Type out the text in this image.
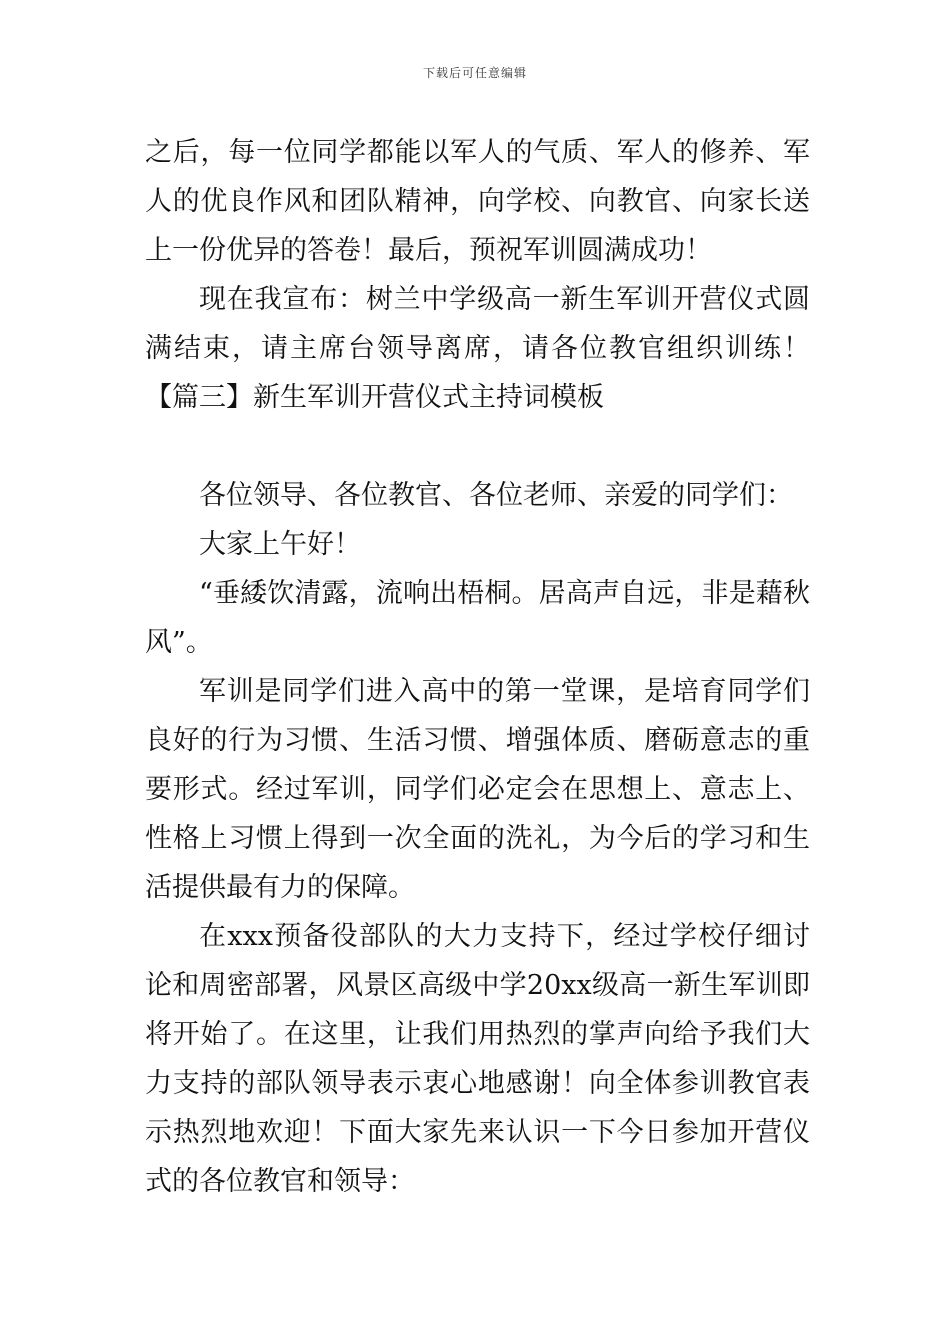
下载后可任意编辑

之后，每一位同学都能以军人的气质、军人的修养、军人的优良作风和团队精神，向学校、向教官、向家长送上一份优异的答卷！最后，预祝军训圆满成功！

现在我宣布：树兰中学级高一新生军训开营仪式圆满结束，请主席台领导离席，请各位教官组织训练！【篇三】新生军训开营仪式主持词模板

各位领导、各位教官、各位老师、亲爱的同学们：

大家上午好！

“垂緌饮清露，流响出梧桐。居高声自远，非是藉秋风”。

军训是同学们进入高中的第一堂课，是培育同学们良好的行为习惯、生活习惯、增强体质、磨砺意志的重要形式。经过军训，同学们必定会在思想上、意志上、性格上习惯上得到一次全面的洗礼，为今后的学习和生活提供最有力的保障。

在xxx预备役部队的大力支持下，经过学校仔细讨论和周密部署，风景区高级中学20xx级高一新生军训即将开始了。在这里，让我们用热烈的掌声向给予我们大力支持的部队领导表示衷心地感谢！向全体参训教官表示热烈地欢迎！下面大家先来认识一下今日参加开营仪式的各位教官和领导：
